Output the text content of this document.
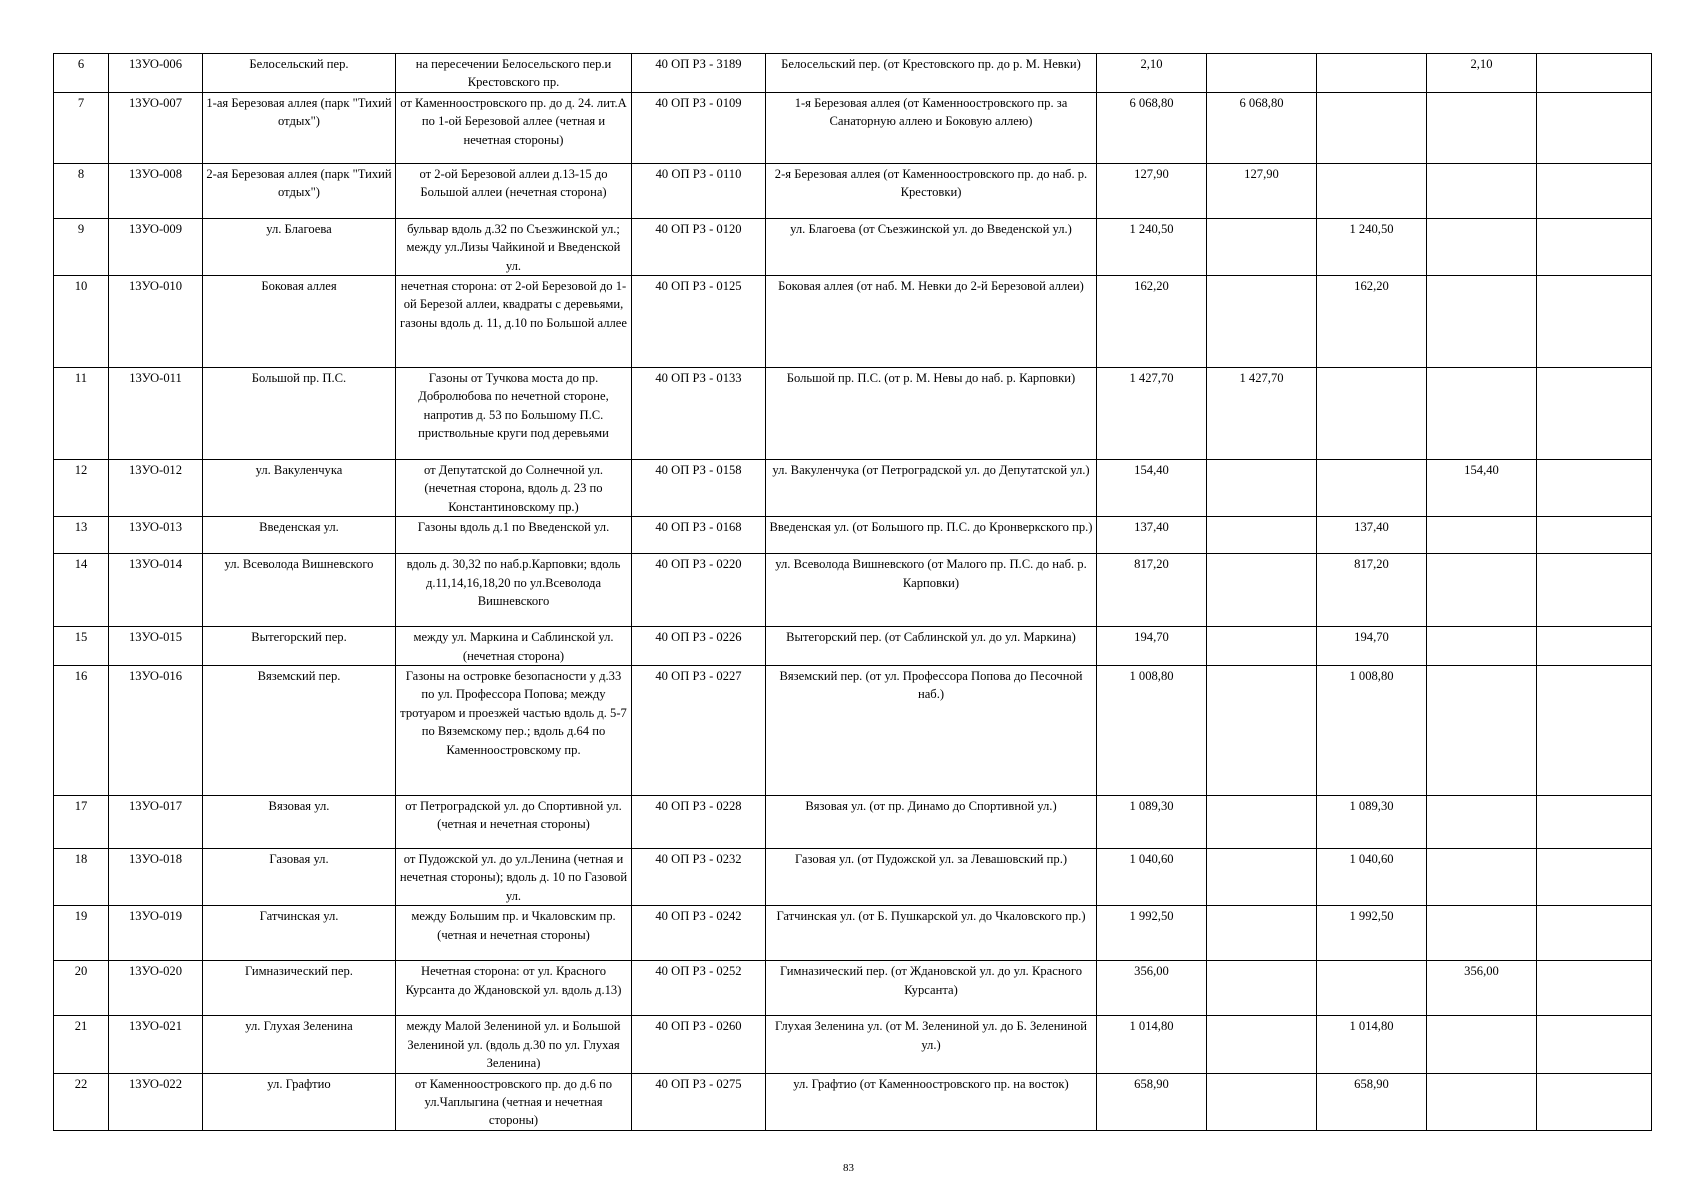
6	13УО-006	Белосельский пер.	на пересечении Белосельского пер.и Крестовского пр.	40 ОП РЗ - 3189	Белосельский пер. (от Крестовского пр. до р. М. Невки)	2,10			2,10	
7	13УО-007	1-ая Березовая аллея (парк "Тихий отдых")	от Каменноостровского пр. до д. 24. лит.А по 1-ой Березовой аллее (четная и нечетная стороны)	40 ОП РЗ - 0109	1-я Березовая аллея (от Каменноостровского пр. за Санаторную аллею и Боковую аллею)	6 068,80	6 068,80			
8	13УО-008	2-ая Березовая аллея (парк "Тихий отдых")	от 2-ой Березовой аллеи д.13-15 до Большой аллеи (нечетная сторона)	40 ОП РЗ - 0110	2-я Березовая аллея (от Каменноостровского пр. до наб. р. Крестовки)	127,90	127,90			
9	13УО-009	ул. Благоева	бульвар вдоль д.32 по Съезжинской ул.; между ул.Лизы Чайкиной и Введенской ул.	40 ОП РЗ - 0120	ул. Благоева (от Съезжинской ул. до Введенской ул.)	1 240,50		1 240,50		
10	13УО-010	Боковая аллея	нечетная сторона: от 2-ой Березовой до 1-ой Березой аллеи, квадраты с деревьями, газоны вдоль д. 11, д.10 по Большой аллее	40 ОП РЗ - 0125	Боковая аллея (от наб. М. Невки до 2-й Березовой аллеи)	162,20		162,20		
11	13УО-011	Большой пр. П.С.	Газоны от Тучкова моста до пр. Добролюбова по нечетной стороне, напротив д. 53 по Большому П.С. приствольные круги под деревьями	40 ОП РЗ - 0133	Большой пр. П.С. (от р. М. Невы до наб. р. Карповки)	1 427,70	1 427,70			
12	13УО-012	ул. Вакуленчука	от Депутатской до Солнечной ул. (нечетная сторона, вдоль д. 23 по Константиновскому пр.)	40 ОП РЗ - 0158	ул. Вакуленчука (от Петроградской ул. до Депутатской ул.)	154,40			154,40	
13	13УО-013	Введенская ул.	Газоны вдоль д.1 по Введенской ул.	40 ОП РЗ - 0168	Введенская ул. (от Большого пр. П.С. до Кронверкского пр.)	137,40		137,40		
14	13УО-014	ул. Всеволода Вишневского	вдоль д. 30,32 по наб.р.Карповки; вдоль д.11,14,16,18,20 по ул.Всеволода Вишневского	40 ОП РЗ - 0220	ул. Всеволода Вишневского (от Малого пр. П.С. до наб. р. Карповки)	817,20		817,20		
15	13УО-015	Вытегорский пер.	между ул. Маркина и Саблинской ул. (нечетная сторона)	40 ОП РЗ - 0226	Вытегорский пер. (от Саблинской ул. до ул. Маркина)	194,70		194,70		
16	13УО-016	Вяземский пер.	Газоны на островке безопасности у д.33 по ул. Профессора Попова; между тротуаром и проезжей частью вдоль д. 5-7 по Вяземскому пер.; вдоль д.64 по Каменноостровскому пр.	40 ОП РЗ - 0227	Вяземский пер. (от ул. Профессора Попова до Песочной наб.)	1 008,80		1 008,80		
17	13УО-017	Вязовая ул.	от Петроградской ул. до Спортивной ул.(четная и нечетная стороны)	40 ОП РЗ - 0228	Вязовая ул. (от пр. Динамо до Спортивной ул.)	1 089,30		1 089,30		
18	13УО-018	Газовая ул.	от Пудожской ул. до ул.Ленина (четная и нечетная стороны); вдоль д. 10 по Газовой ул.	40 ОП РЗ - 0232	Газовая ул. (от Пудожской ул. за Левашовский пр.)	1 040,60		1 040,60		
19	13УО-019	Гатчинская ул.	между Большим пр. и Чкаловским пр.(четная и нечетная стороны)	40 ОП РЗ - 0242	Гатчинская ул. (от Б. Пушкарской ул. до Чкаловского пр.)	1 992,50		1 992,50		
20	13УО-020	Гимназический пер.	Нечетная сторона: от ул. Красного Курсанта до Ждановской ул. вдоль д.13)	40 ОП РЗ - 0252	Гимназический пер. (от Ждановской ул. до ул. Красного Курсанта)	356,00			356,00	
21	13УО-021	ул. Глухая Зеленина	между Малой Зелениной ул. и Большой Зелениной ул. (вдоль д.30 по ул. Глухая Зеленина)	40 ОП РЗ - 0260	Глухая Зеленина ул. (от М. Зелениной ул. до Б. Зелениной ул.)	1 014,80		1 014,80		
22	13УО-022	ул. Графтио	от Каменноостровского пр. до д.6 по ул.Чаплыгина (четная и нечетная стороны)	40 ОП РЗ - 0275	ул. Графтио (от Каменноостровского пр. на восток)	658,90		658,90		
83
